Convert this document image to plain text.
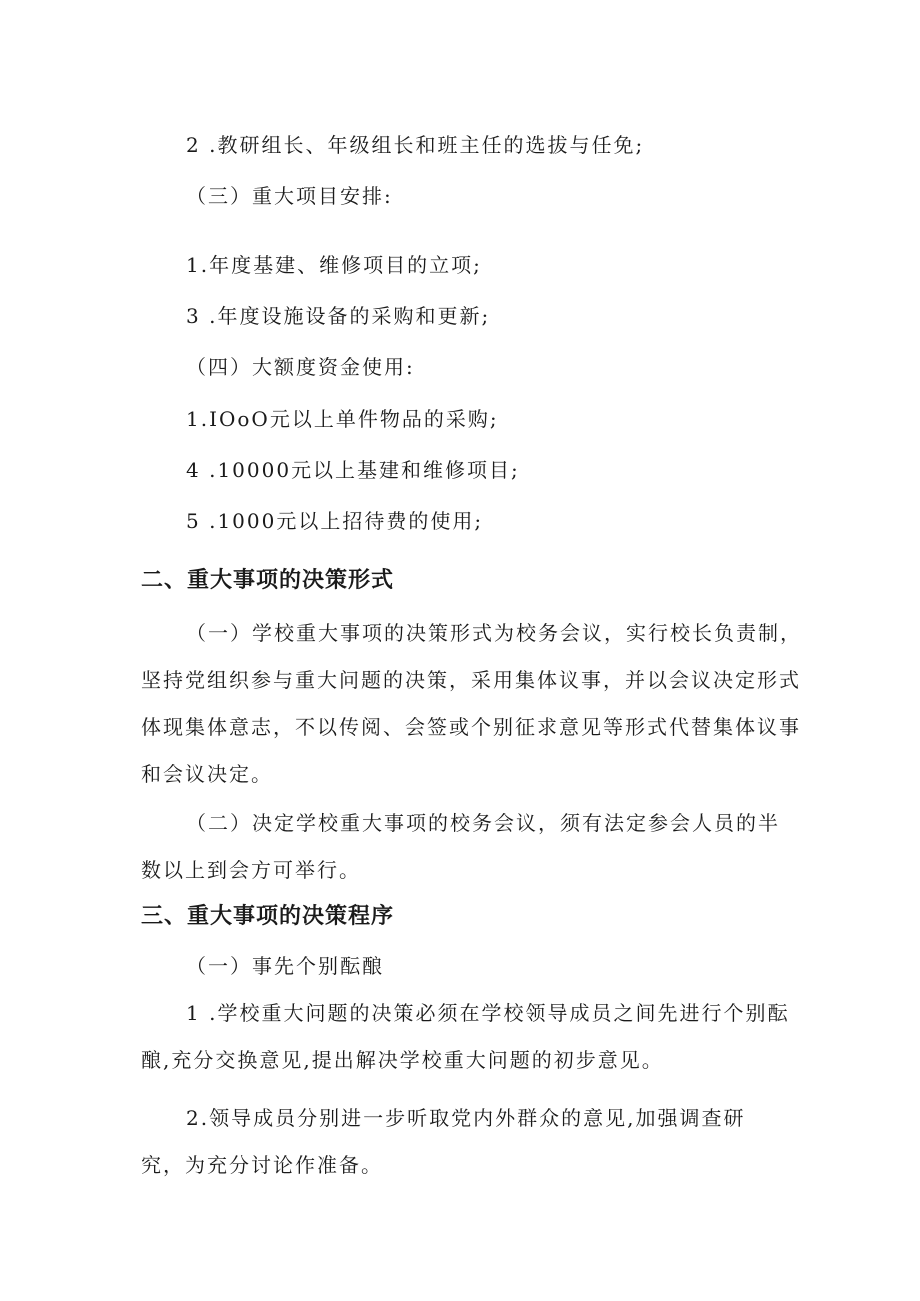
2 .教研组长、年级组长和班主任的选拔与任免;
（三）重大项目安排:
1.年度基建、维修项目的立项;
3 .年度设施设备的采购和更新;
（四）大额度资金使用:
1.IOoO元以上单件物品的采购;
4 .10000元以上基建和维修项目;
5 .1000元以上招待费的使用;
二、重大事项的决策形式
（一）学校重大事项的决策形式为校务会议，实行校长负责制，
坚持党组织参与重大问题的决策，采用集体议事，并以会议决定形式
体现集体意志，不以传阅、会签或个别征求意见等形式代替集体议事
和会议决定。
（二）决定学校重大事项的校务会议，须有法定参会人员的半
数以上到会方可举行。
三、重大事项的决策程序
（一）事先个别酝酿
1 .学校重大问题的决策必须在学校领导成员之间先进行个别酝
酿,充分交换意见,提出解决学校重大问题的初步意见。
2.领导成员分别进一步听取党内外群众的意见,加强调查研
究，为充分讨论作准备。
